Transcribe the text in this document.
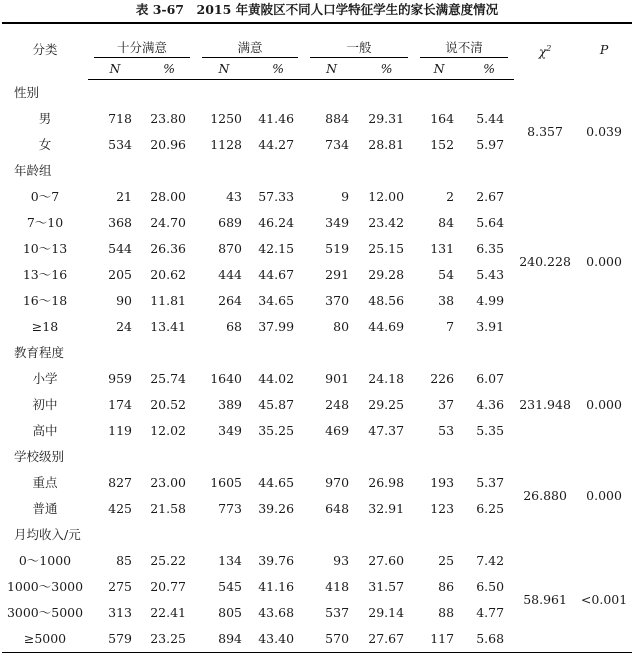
表 3-67　2015 年黄陂区不同人口学特征学生的家长满意度情况
分类	十分满意		满意		一般		说不清		$\chi^2$	P
	N	%	N	%	N	%	N	%		
性别									8.357	0.039
男	718	23.80	1250	41.46	884	29.31	164	5.44		
女	534	20.96	1128	44.27	734	28.81	152	5.97		
年龄组									240.228	0.000
0～7	21	28.00	43	57.33	9	12.00	2	2.67		
7～10	368	24.70	689	46.24	349	23.42	84	5.64		
10～13	544	26.36	870	42.15	519	25.15	131	6.35		
13～16	205	20.62	444	44.67	291	29.28	54	5.43		
16～18	90	11.81	264	34.65	370	48.56	38	4.99		
≥18	24	13.41	68	37.99	80	44.69	7	3.91		
教育程度									231.948	0.000
小学	959	25.74	1640	44.02	901	24.18	226	6.07		
初中	174	20.52	389	45.87	248	29.25	37	4.36		
高中	119	12.02	349	35.25	469	47.37	53	5.35		
学校级别									26.880	0.000
重点	827	23.00	1605	44.65	970	26.98	193	5.37		
普通	425	21.58	773	39.26	648	32.91	123	6.25		
月均收入/元									58.961	<0.001
0～1000	85	25.22	134	39.76	93	27.60	25	7.42		
1000～3000	275	20.77	545	41.16	418	31.57	86	6.50		
3000～5000	313	22.41	805	43.68	537	29.14	88	4.77		
≥5000	579	23.25	894	43.40	570	27.67	117	5.68		
